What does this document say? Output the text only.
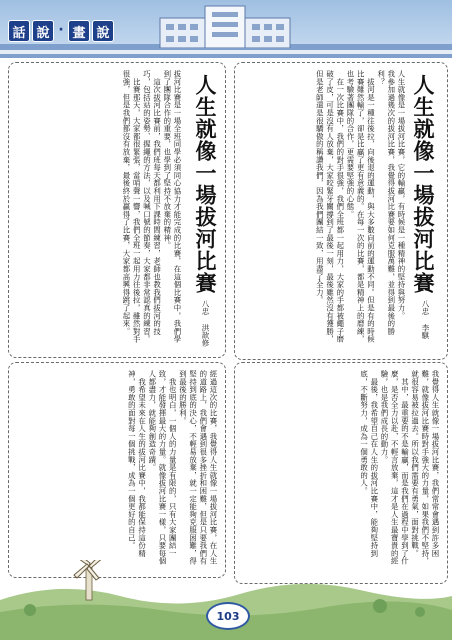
話 說 · 畫 說
人生就像一場拔河比賽
八忠 李騏
人生就像是一場拔河比賽，它的輸贏，有時候是一種精神的堅持與努力。
我參加過幾次的拔河比賽，我覺得拔河比賽要如何克服萬難，並得到最後的勝利？
　拔河是一種往後拉，向後退的運動，與大多數向前的運動不同。但是有的時候比賽雖然輸了，卻是比贏了更有意義的。在每一次的比賽，都是精神上的磨練，也考驗著團隊的合作，更需要堅強的心態。
　在一次比賽中，我們的對手很強，我們全班都一起用力，大家的手都被繩子磨破了皮，可是沒有人放棄，大家咬緊牙關撐到了最後一刻，最後雖然沒有獲勝，但是老師還是很驕傲的稱讚我們，因為我們團結一致，用盡了全力。
我覺得人生就像一場拔河比賽，我們常常會遇到許多困難，就像拔河比賽時對手強大的力量，如果我們不堅持，就很容易被拉過去。所以我們需要有勇氣，面對挑戰。
　其中，最重要的不是輸贏，而是我們在過程中學到了什麼，是否全力以赴，不輕言放棄，這才是人生最寶貴的經驗，也是我們成長的動力。
　最後，我希望自己在人生的拔河比賽中，能夠堅持到底，不斷努力，成為一個勇敢的人。
人生就像一場拔河比賽
八忠 洪歆修
拔河比賽是一場全班同學必須同心協力才能完成的比賽，在這個比賽中，我們學到了團隊合作的重要，也學到了堅持不放棄的精神。
　這次拔河比賽前，我們班每天都利用下課時間練習，老師也教我們拔河的技巧，包括站的姿勢、握繩的方法，以及喊口號的節奏，大家都非常認真的練習。
　比賽那天，大家都很緊張，當哨聲一響，我們全班一起用力往後拉，雖然對手很強，但是我們都沒有放棄，最後終於贏得了比賽，大家都高興得跳了起來。
經過這次的比賽，我覺得人生就像一場拔河比賽，在人生的道路上，我們會遇到很多挫折和困難，但是只要我們有堅持到底的決心，不輕易放棄，就一定能夠克服困難，得到最後的勝利。
　我也明白，一個人的力量是有限的，只有大家團結一致，才能發揮最大的力量。就像拔河比賽一樣，只要每個人都盡力，就能夠創造奇蹟。
　我希望未來在人生的拔河比賽中，我都能保持這份精神，勇敢的面對每一個挑戰，成為一個更好的自己。
103
